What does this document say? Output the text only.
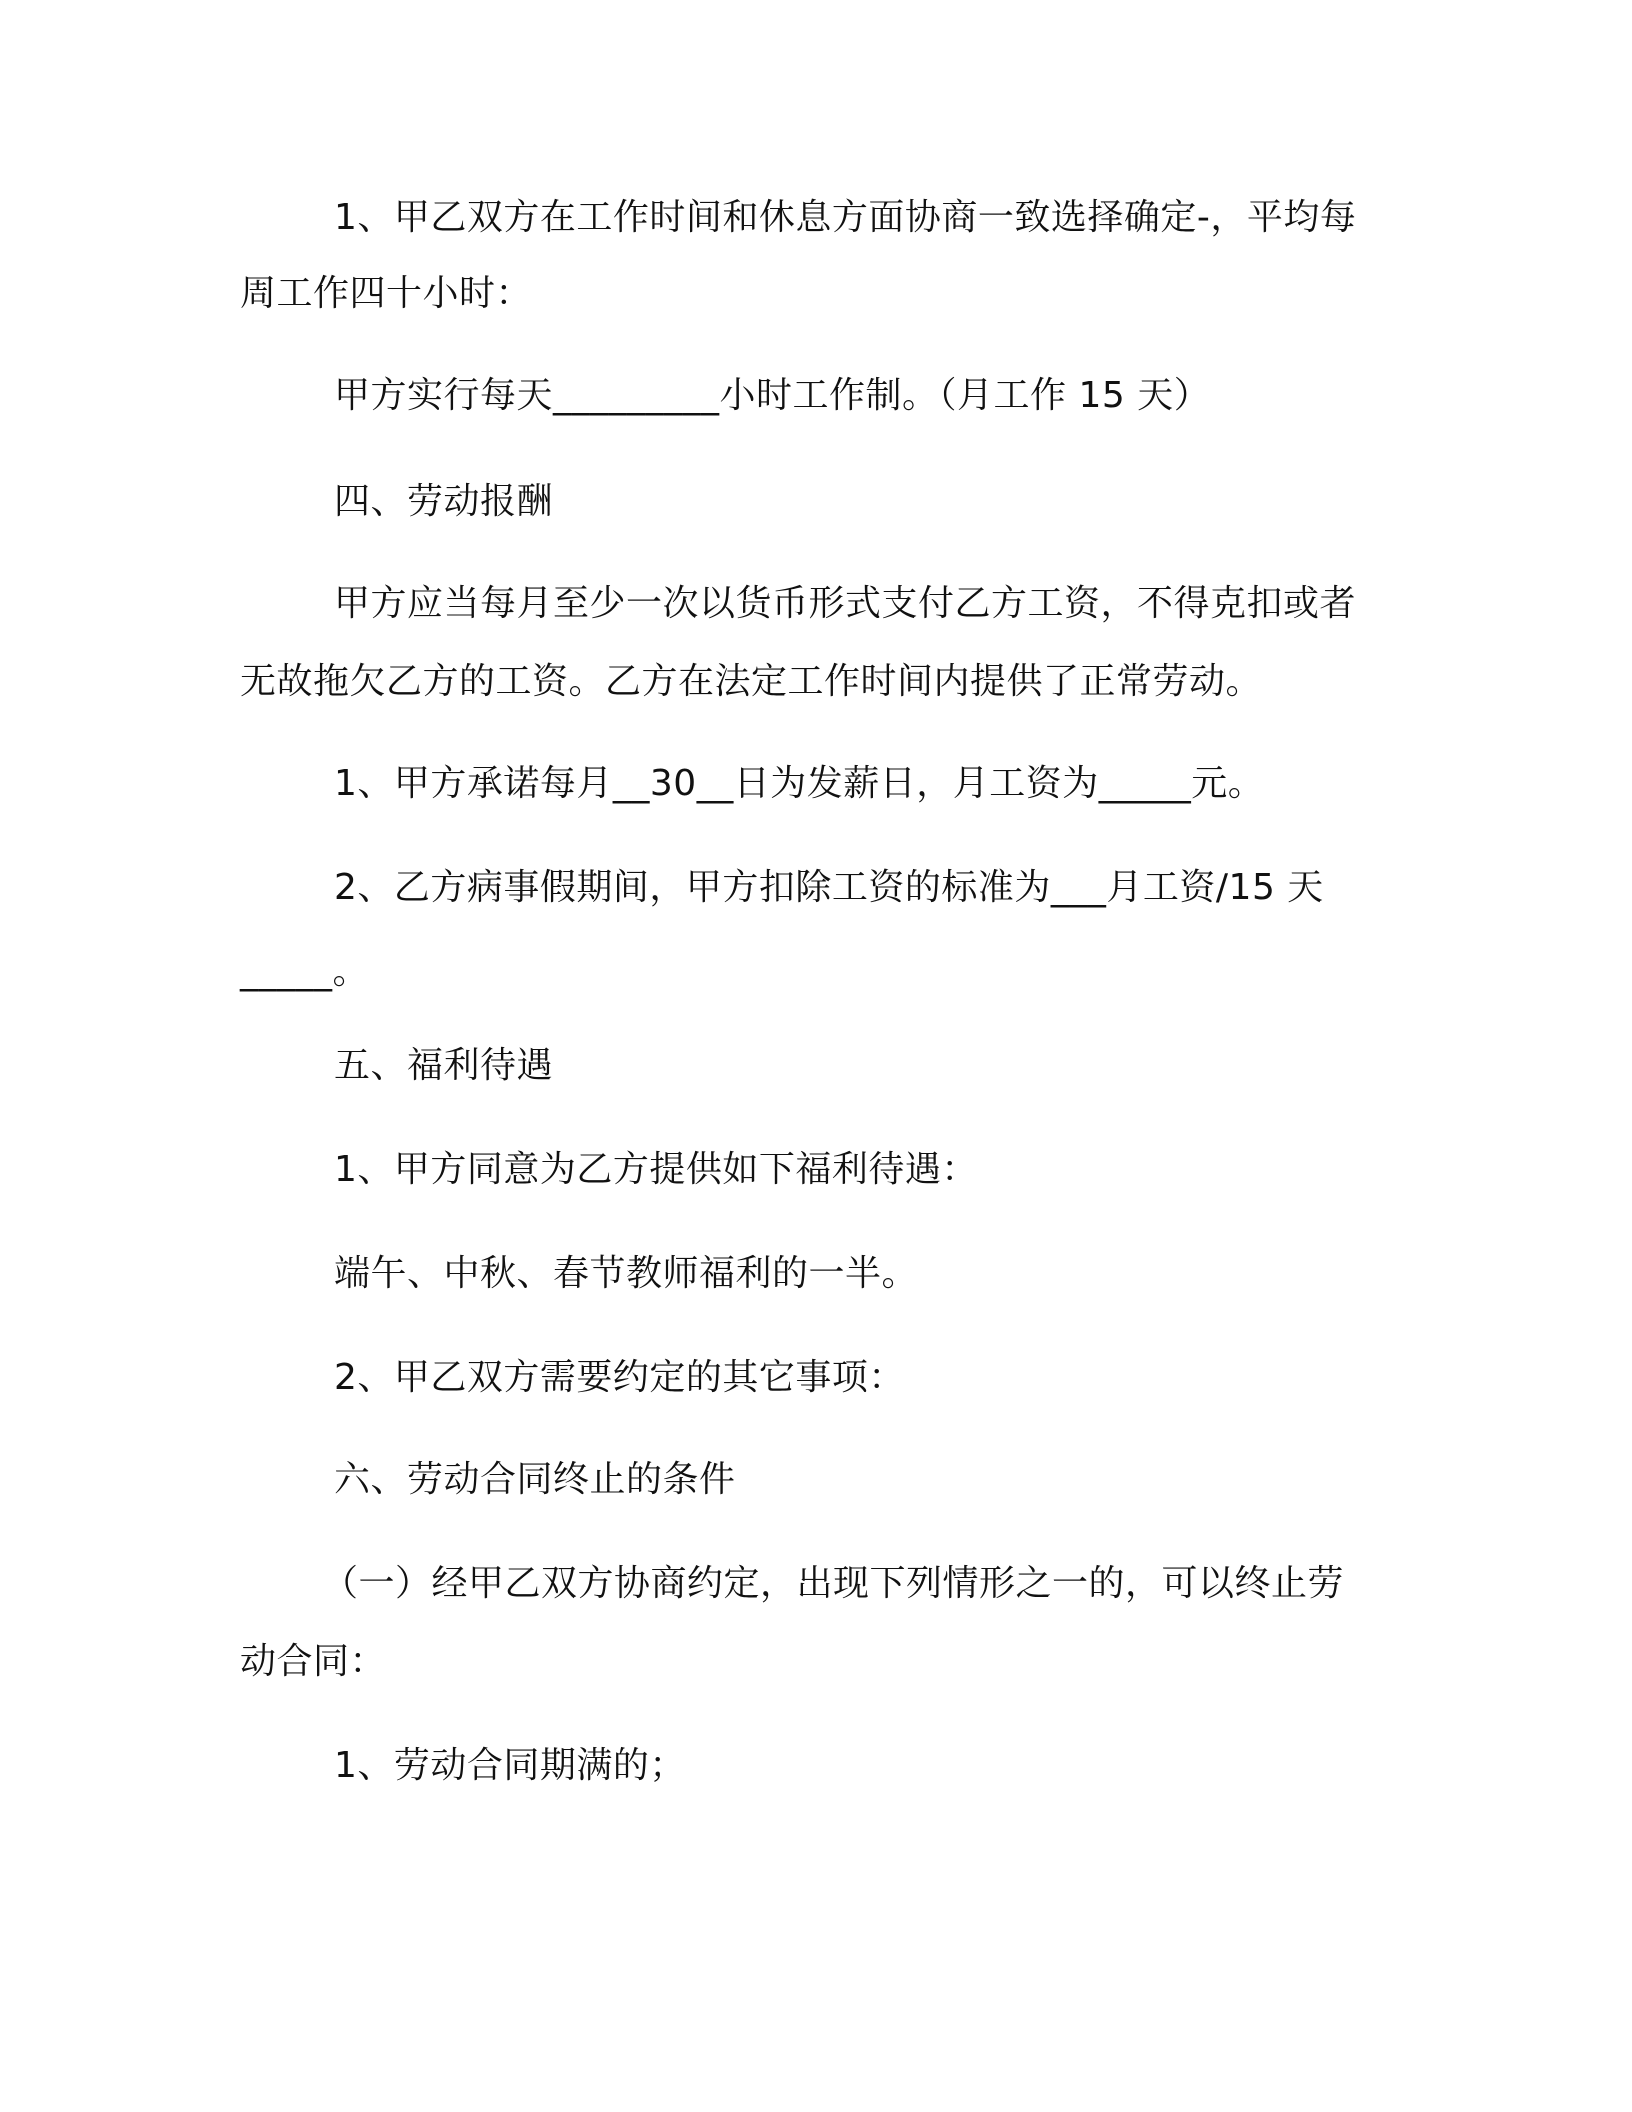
1、甲乙双方在工作时间和休息方面协商一致选择确定-，平均每

周工作四十小时：

甲方实行每天_________小时工作制。（月工作 15 天）

四、劳动报酬

甲方应当每月至少一次以货币形式支付乙方工资，不得克扣或者

无故拖欠乙方的工资。乙方在法定工作时间内提供了正常劳动。

1、甲方承诺每月__30__日为发薪日，月工资为_____元。

2、乙方病事假期间，甲方扣除工资的标准为___月工资/15 天

_____。

五、福利待遇

1、甲方同意为乙方提供如下福利待遇：

端午、中秋、春节教师福利的一半。

2、甲乙双方需要约定的其它事项：

六、劳动合同终止的条件

（一）经甲乙双方协商约定，出现下列情形之一的，可以终止劳

动合同：

1、劳动合同期满的；
